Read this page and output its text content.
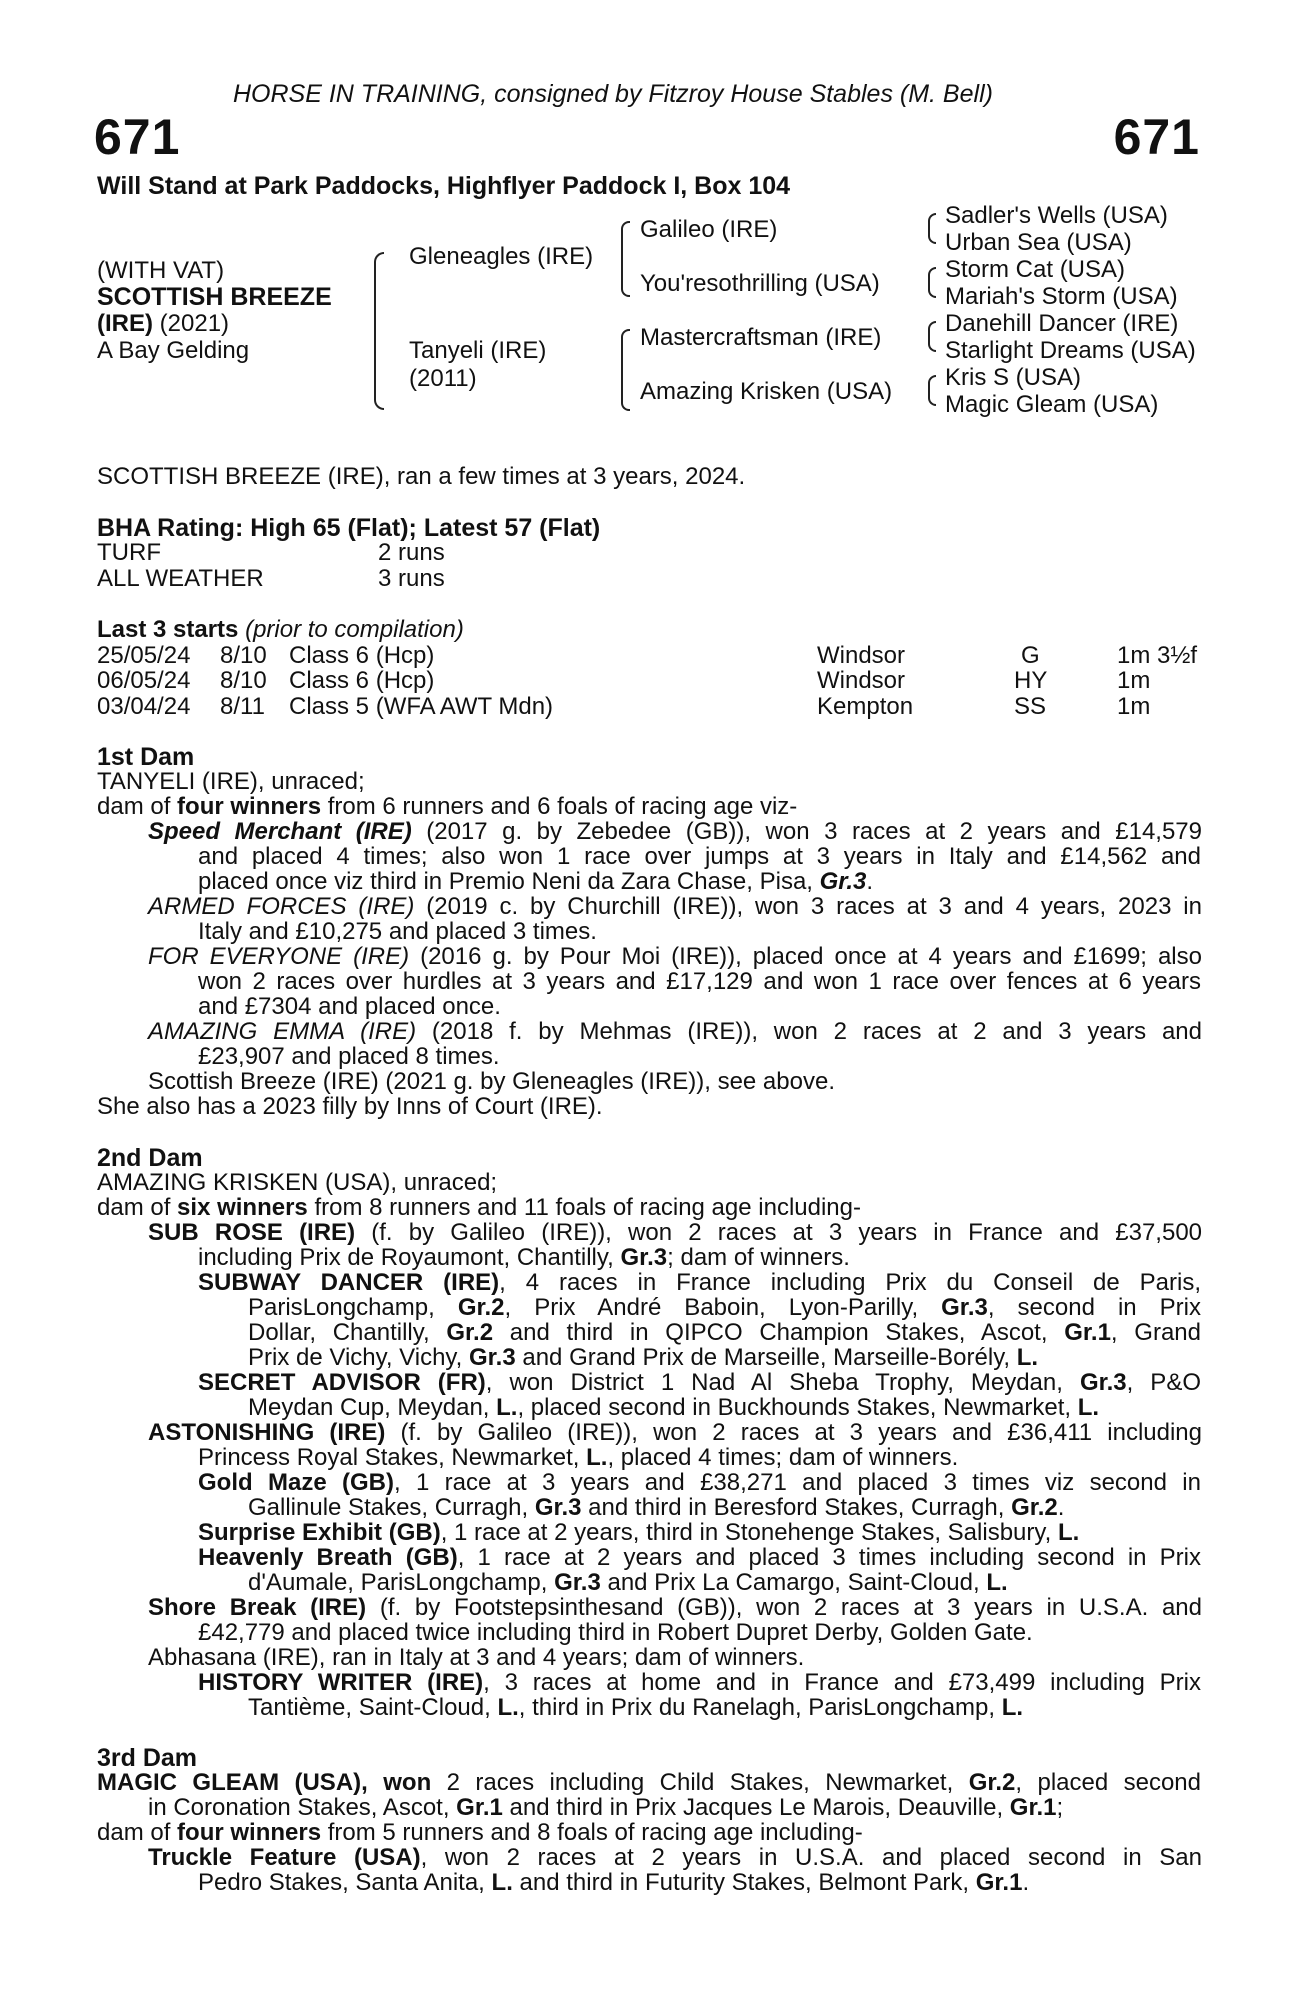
HORSE IN TRAINING, consigned by Fitzroy House Stables (M. Bell)
671	671
Will Stand at Park Paddocks, Highflyer Paddock I, Box 104
(WITH VAT)
SCOTTISH BREEZE
(IRE) (2021)
A Bay Gelding
Gleneagles (IRE)
Tanyeli (IRE)
(2011)
Galileo (IRE)
You'resothrilling (USA)
Mastercraftsman (IRE)
Amazing Krisken (USA)
Sadler's Wells (USA)
Urban Sea (USA)
Storm Cat (USA)
Mariah's Storm (USA)
Danehill Dancer (IRE)
Starlight Dreams (USA)
Kris S (USA)
Magic Gleam (USA)
SCOTTISH BREEZE (IRE), ran a few times at 3 years, 2024.
BHA Rating: High 65 (Flat); Latest 57 (Flat)
TURF	2 runs
ALL WEATHER	3 runs
Last 3 starts (prior to compilation)
25/05/24 8/10 Class 6 (Hcp)	Windsor	G	1m 3½f
06/05/24 8/10 Class 6 (Hcp)	Windsor	HY	1m
03/04/24 8/11 Class 5 (WFA AWT Mdn)	Kempton	SS	1m
1st Dam
TANYELI (IRE), unraced;
dam of four winners from 6 runners and 6 foals of racing age viz-
Speed Merchant (IRE) (2017 g. by Zebedee (GB)), won 3 races at 2 years and £14,579
and placed 4 times; also won 1 race over jumps at 3 years in Italy and £14,562 and
placed once viz third in Premio Neni da Zara Chase, Pisa, Gr.3.
ARMED FORCES (IRE) (2019 c. by Churchill (IRE)), won 3 races at 3 and 4 years, 2023 in
Italy and £10,275 and placed 3 times.
FOR EVERYONE (IRE) (2016 g. by Pour Moi (IRE)), placed once at 4 years and £1699; also
won 2 races over hurdles at 3 years and £17,129 and won 1 race over fences at 6 years
and £7304 and placed once.
AMAZING EMMA (IRE) (2018 f. by Mehmas (IRE)), won 2 races at 2 and 3 years and
£23,907 and placed 8 times.
Scottish Breeze (IRE) (2021 g. by Gleneagles (IRE)), see above.
She also has a 2023 filly by Inns of Court (IRE).
2nd Dam
AMAZING KRISKEN (USA), unraced;
dam of six winners from 8 runners and 11 foals of racing age including-
SUB ROSE (IRE) (f. by Galileo (IRE)), won 2 races at 3 years in France and £37,500
including Prix de Royaumont, Chantilly, Gr.3; dam of winners.
SUBWAY DANCER (IRE), 4 races in France including Prix du Conseil de Paris,
ParisLongchamp, Gr.2, Prix André Baboin, Lyon-Parilly, Gr.3, second in Prix
Dollar, Chantilly, Gr.2 and third in QIPCO Champion Stakes, Ascot, Gr.1, Grand
Prix de Vichy, Vichy, Gr.3 and Grand Prix de Marseille, Marseille-Borély, L.
SECRET ADVISOR (FR), won District 1 Nad Al Sheba Trophy, Meydan, Gr.3, P&O
Meydan Cup, Meydan, L., placed second in Buckhounds Stakes, Newmarket, L.
ASTONISHING (IRE) (f. by Galileo (IRE)), won 2 races at 3 years and £36,411 including
Princess Royal Stakes, Newmarket, L., placed 4 times; dam of winners.
Gold Maze (GB), 1 race at 3 years and £38,271 and placed 3 times viz second in
Gallinule Stakes, Curragh, Gr.3 and third in Beresford Stakes, Curragh, Gr.2.
Surprise Exhibit (GB), 1 race at 2 years, third in Stonehenge Stakes, Salisbury, L.
Heavenly Breath (GB), 1 race at 2 years and placed 3 times including second in Prix
d'Aumale, ParisLongchamp, Gr.3 and Prix La Camargo, Saint-Cloud, L.
Shore Break (IRE) (f. by Footstepsinthesand (GB)), won 2 races at 3 years in U.S.A. and
£42,779 and placed twice including third in Robert Dupret Derby, Golden Gate.
Abhasana (IRE), ran in Italy at 3 and 4 years; dam of winners.
HISTORY WRITER (IRE), 3 races at home and in France and £73,499 including Prix
Tantième, Saint-Cloud, L., third in Prix du Ranelagh, ParisLongchamp, L.
3rd Dam
MAGIC GLEAM (USA), won 2 races including Child Stakes, Newmarket, Gr.2, placed second
in Coronation Stakes, Ascot, Gr.1 and third in Prix Jacques Le Marois, Deauville, Gr.1;
dam of four winners from 5 runners and 8 foals of racing age including-
Truckle Feature (USA), won 2 races at 2 years in U.S.A. and placed second in San
Pedro Stakes, Santa Anita, L. and third in Futurity Stakes, Belmont Park, Gr.1.
